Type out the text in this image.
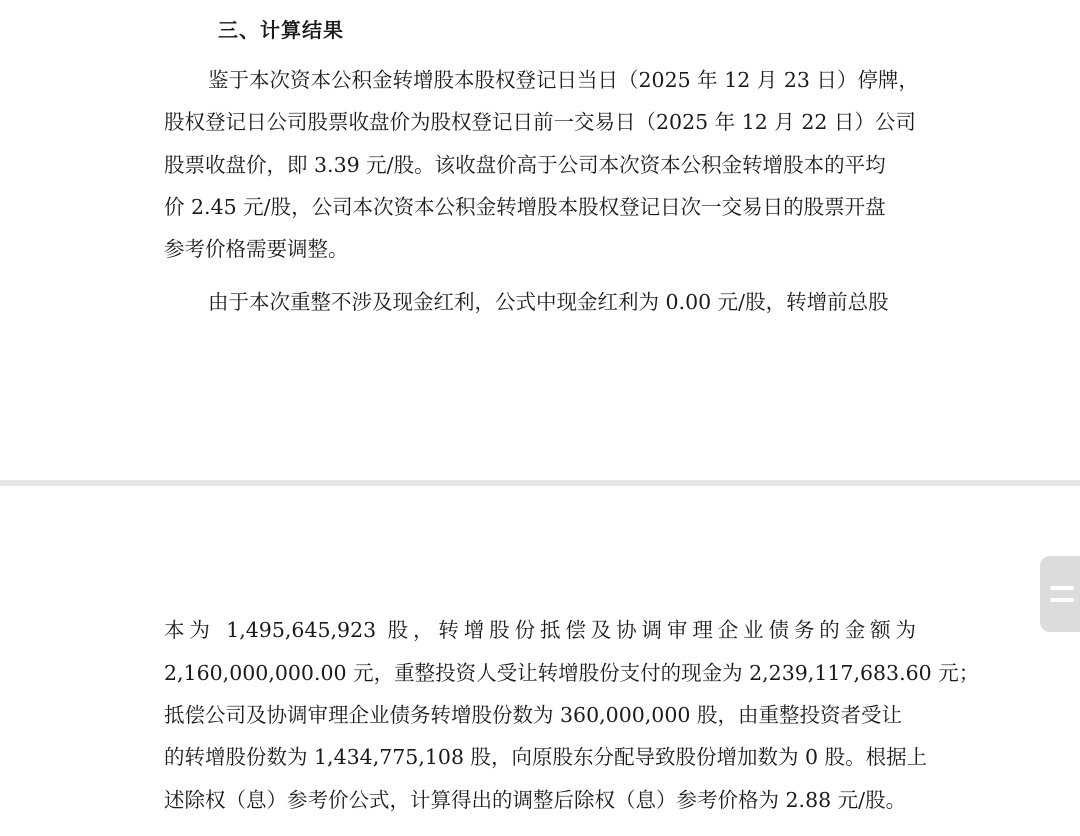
三、计算结果
鉴于本次资本公积金转增股本股权登记日当日（2025 年 12 月 23 日）停牌，
股权登记日公司股票收盘价为股权登记日前一交易日（2025 年 12 月 22 日）公司
股票收盘价，即 3.39 元/股。该收盘价高于公司本次资本公积金转增股本的平均
价 2.45 元/股，公司本次资本公积金转增股本股权登记日次一交易日的股票开盘
参考价格需要调整。
由于本次重整不涉及现金红利，公式中现金红利为 0.00 元/股，转增前总股
本为 1,495,645,923 股，转增股份抵偿及协调审理企业债务的金额为
2,160,000,000.00 元，重整投资人受让转增股份支付的现金为 2,239,117,683.60 元；
抵偿公司及协调审理企业债务转增股份数为 360,000,000 股，由重整投资者受让
的转增股份数为 1,434,775,108 股，向原股东分配导致股份增加数为 0 股。根据上
述除权（息）参考价公式，计算得出的调整后除权（息）参考价格为 2.88 元/股。
